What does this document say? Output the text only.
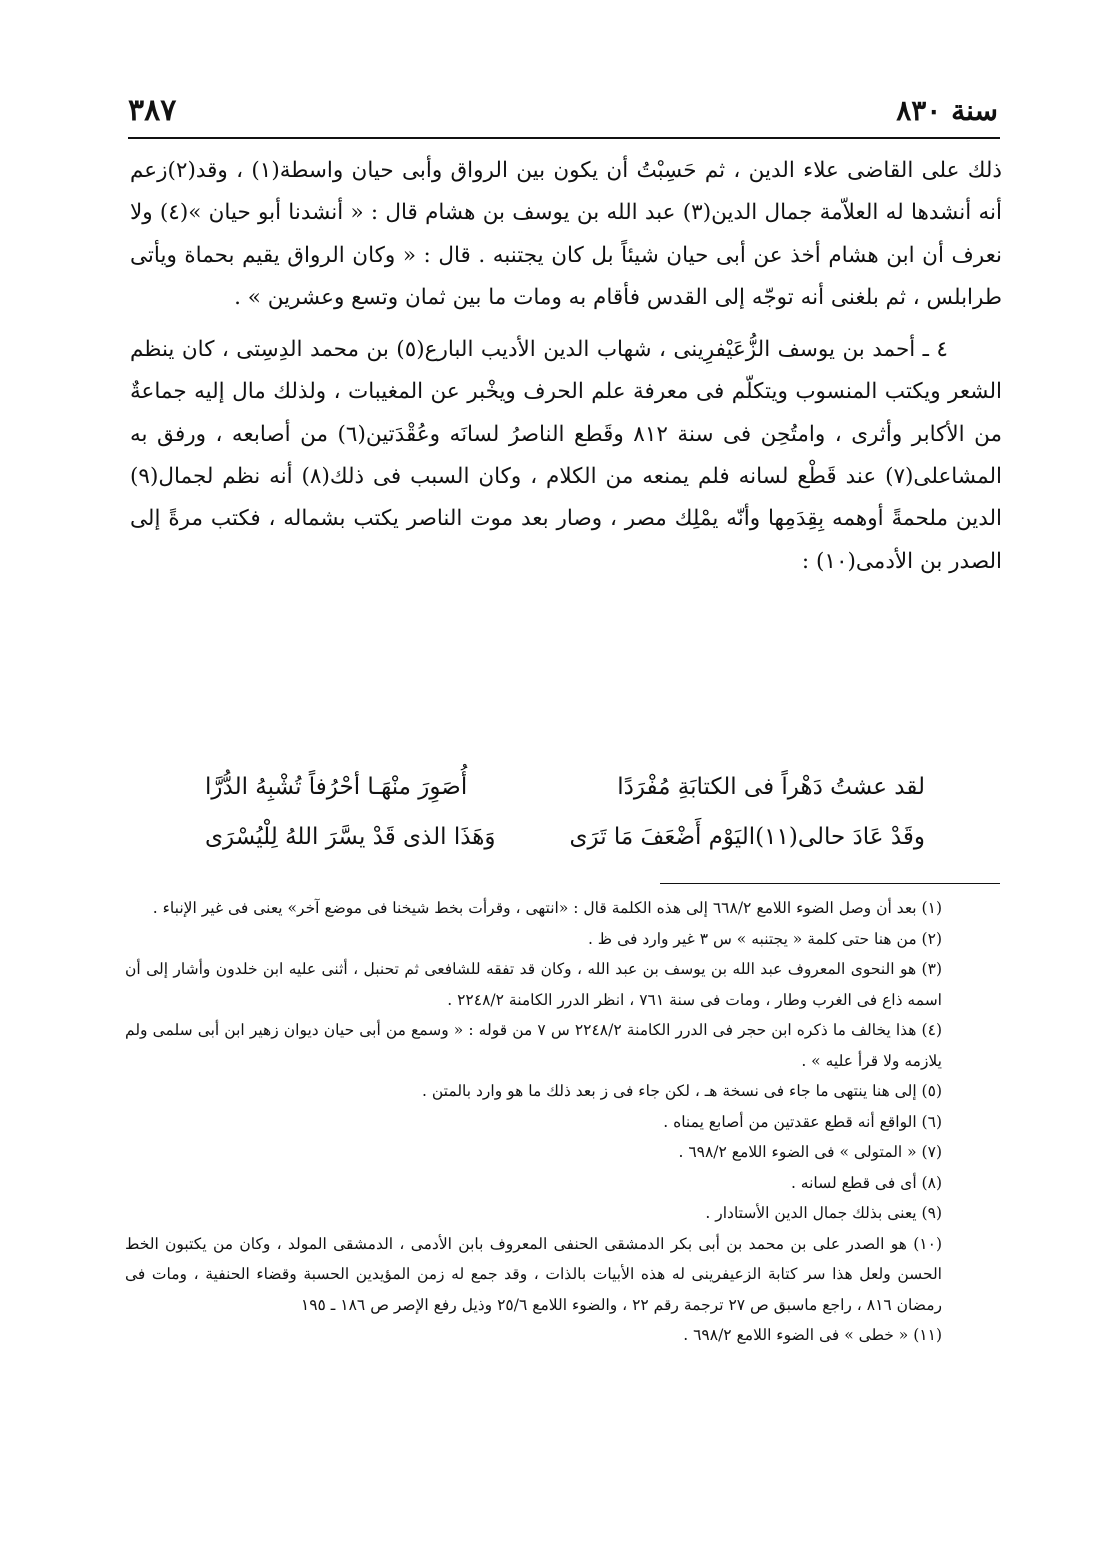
سنة ٨٣٠
٣٨٧

ذلك على القاضى علاء الدين ، ثم حَسِبْتُ أن يكون بين الرواق وأبى حيان واسطة(١) ، وقد(٢)زعم أنه أنشدها له العلاّمة جمال الدين(٣) عبد الله بن يوسف بن هشام قال : « أنشدنا أبو حيان »(٤) ولا نعرف أن ابن هشام أخذ عن أبى حيان شيئاً بل كان يجتنبه . قال : « وكان الرواق يقيم بحماة ويأتى طرابلس ، ثم بلغنى أنه توجّه إلى القدس فأقام به ومات ما بين ثمان وتسع وعشرين » .

٤ ـ أحمد بن يوسف الزُّعَيْفرِينى ، شهاب الدين الأديب البارع(٥) بن محمد الدِسِتى ، كان ينظم الشعر ويكتب المنسوب ويتكلّم فى معرفة علم الحرف ويخْبر عن المغيبات ، ولذلك مال إليه جماعةٌ من الأكابر وأثرى ، وامتُحِن فى سنة ٨١٢ وقَطع الناصرُ لسانَه وعُقْدَتين(٦) من أصابعه ، ورفق به المشاعلى(٧) عند قَطْع لسانه فلم يمنعه من الكلام ، وكان السبب فى ذلك(٨) أنه نظم لجمال(٩) الدين ملحمةً أوهمه بِقِدَمِها وأنّه يمْلِك مصر ، وصار بعد موت الناصر يكتب بشماله ، فكتب مرةً إلى الصدر بن الأدمى(١٠) :

لقد عشتُ دَهْراً فى الكتابَةِ مُفْرَدًا
أُصَوِرَ منْهَـا أحْرُفاً تُشْبِهُ الدُّرَّا
وقَدْ عَادَ حالى(١١)اليَوْم أَضْعَفَ مَا تَرَى
وَهَذَا الذى قَدْ يسَّرَ اللهُ لِلْيُسْرَى

(١) بعد أن وصل الضوء اللامع ٦٦٨/٢ إلى هذه الكلمة قال : «انتهى ، وقرأت بخط شيخنا فى موضع آخر» يعنى فى غير الإنباء .

(٢) من هنا حتى كلمة « يجتنبه » س ٣ غير وارد فى ظ .

(٣) هو النحوى المعروف عبد الله بن يوسف بن عبد الله ، وكان قد تفقه للشافعى ثم تحنبل ، أثنى عليه ابن خلدون وأشار إلى أن اسمه ذاع فى الغرب وطار ، ومات فى سنة ٧٦١ ، انظر الدرر الكامنة ٢٢٤٨/٢ .

(٤) هذا يخالف ما ذكره ابن حجر فى الدرر الكامنة ٢٢٤٨/٢ س ٧ من قوله : « وسمع من أبى حيان ديوان زهير ابن أبى سلمى ولم يلازمه ولا قرأ عليه » .

(٥) إلى هنا ينتهى ما جاء فى نسخة هـ ، لكن جاء فى ز بعد ذلك ما هو وارد بالمتن .

(٦) الواقع أنه قطع عقدتين من أصابع يمناه .

(٧) « المتولى » فى الضوء اللامع ٦٩٨/٢ .

(٨) أى فى قطع لسانه .

(٩) يعنى بذلك جمال الدين الأستادار .

(١٠) هو الصدر على بن محمد بن أبى بكر الدمشقى الحنفى المعروف بابن الأدمى ، الدمشقى المولد ، وكان من يكتبون الخط الحسن ولعل هذا سر كتابة الزعيفرينى له هذه الأبيات بالذات ، وقد جمع له زمن المؤيدين الحسبة وقضاء الحنفية ، ومات فى رمضان ٨١٦ ، راجع ماسبق ص ٢٧ ترجمة رقم ٢٢ ، والضوء اللامع ٢٥/٦ وذيل رفع الإصر ص ١٨٦ ـ ١٩٥

(١١) « خطى » فى الضوء اللامع ٦٩٨/٢ .
